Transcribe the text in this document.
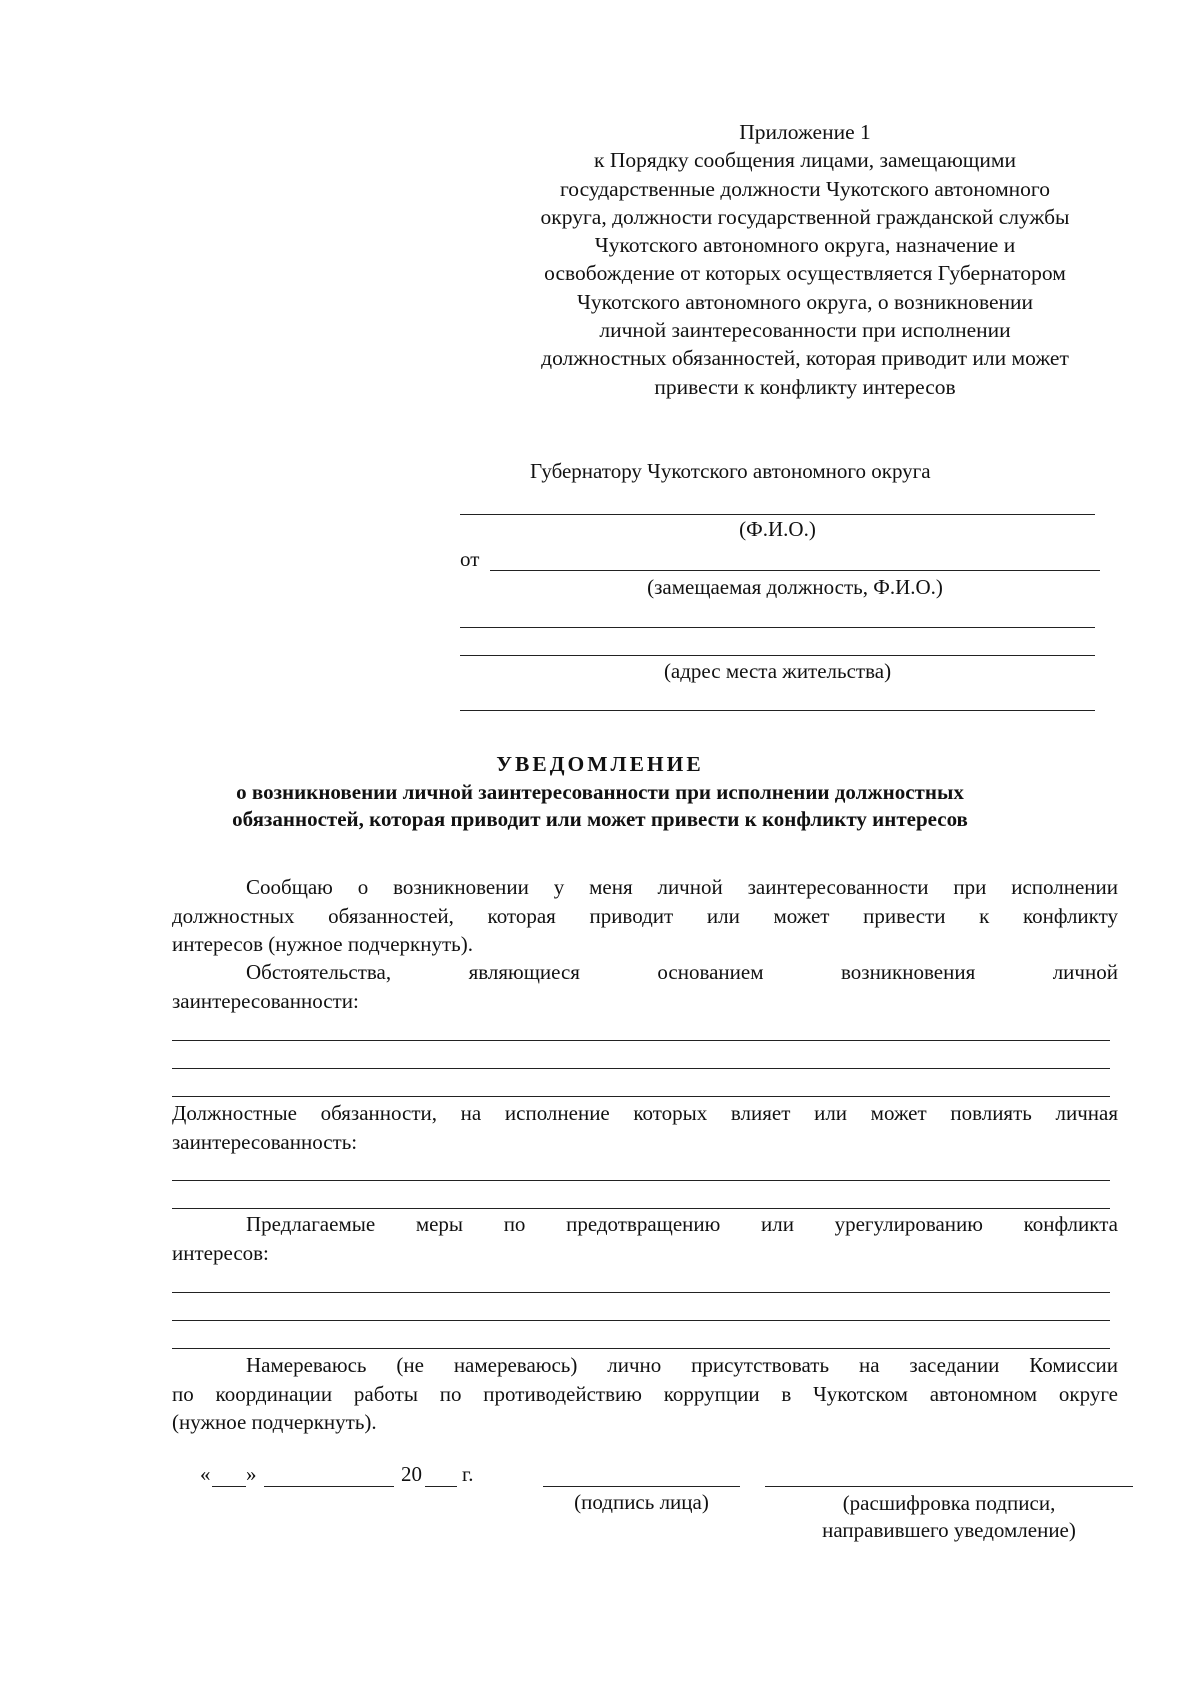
Приложение 1
к Порядку сообщения лицами, замещающими
государственные должности Чукотского автономного
округа, должности государственной гражданской службы
Чукотского автономного округа, назначение и
освобождение от которых осуществляется Губернатором
Чукотского автономного округа, о возникновении
личной заинтересованности при исполнении
должностных обязанностей, которая приводит или может
привести к конфликту интересов
Губернатору Чукотского автономного округа
(Ф.И.О.)
от
(замещаемая должность, Ф.И.О.)
(адрес места жительства)
УВЕДОМЛЕНИЕ
о возникновении личной заинтересованности при исполнении должностных
обязанностей, которая приводит или может привести к конфликту интересов
Сообщаю о возникновении у меня личной заинтересованности при исполнении
должностных обязанностей, которая приводит или может привести к конфликту
интересов (нужное подчеркнуть).
Обстоятельства,	являющиеся	основанием	возникновения	личной
заинтересованности:
Должностные обязанности, на исполнение которых влияет или может повлиять личная
заинтересованность:
Предлагаемые меры по предотвращению или урегулированию конфликта
интересов:
Намереваюсь (не намереваюсь) лично присутствовать на заседании Комиссии
по координации работы по противодействию коррупции в Чукотском автономном округе
(нужное подчеркнуть).
« »	20 г.
(подпись лица)	(расшифровка подписи,
направившего уведомление)
